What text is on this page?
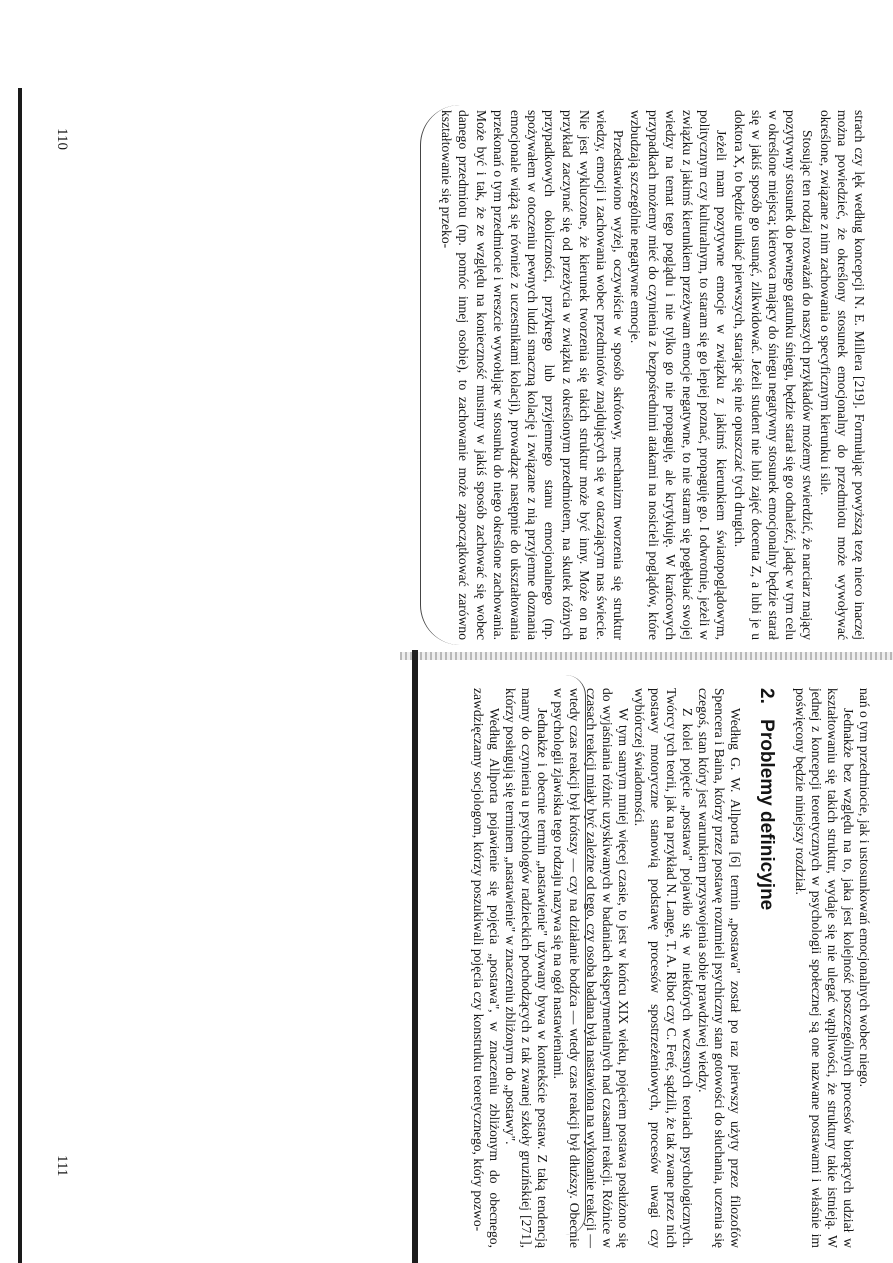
strach czy lęk według koncepcji N. E. Millera [219]. Formułując powyższą tezę nieco inaczej można powiedzieć, że określony stosunek emocjonalny do przedmiotu może wywoływać określone, związane z nim zachowania o specyficznym kierunku i sile.

Stosując ten rodzaj rozważań do naszych przykładów możemy stwierdzić, że narciarz mający pozytywny stosunek do pewnego gatunku śniegu, będzie starał się go odnaleźć, jadąc w tym celu w określone miejsca; kierowca mający do śniegu negatywny stosunek emocjonalny będzie starał się w jakiś sposób go usunąć, zlikwidować. Jeżeli student nie lubi zajęć docenta Z, a lubi je u doktora X, to będzie unikać pierwszych, starając się nie opuszczać tych drugich.

Jeżeli mam pozytywne emocje w związku z jakimś kierunkiem światopoglądowym, politycznym czy kulturalnym, to staram się go lepiej poznać, propaguję go. I odwrotnie, jeżeli w związku z jakimś kierunkiem przeżywam emocje negatywne, to nie staram się pogłębiać swojej wiedzy na temat tego poglądu i nie tylko go nie propaguję, ale krytykuję. W krańcowych przypadkach możemy mieć do czynienia z bezpośrednimi atakami na nosicieli poglądów, które wzbudzają szczególnie negatywne emocje.

Przedstawiono wyżej, oczywiście w sposób skrótowy, mechanizm tworzenia się struktur wiedzy, emocji i zachowania wobec przedmiotów znajdujących się w otaczającym nas świecie. Nie jest wykluczone, że kierunek tworzenia się takich struktur może być inny. Może on na przykład zaczynać się od przeżycia w związku z określonym przedmiotem, na skutek różnych przypadkowych okoliczności, przykrego lub przyjemnego stanu emocjonalnego (np. spożywałem w otoczeniu pewnych ludzi smaczną kolację i związane z nią przyjemne doznania emocjonale wiążą się również z uczestnikami kolacji), prowadząc następnie do ukształtowania przekonań o tym przedmiocie i wreszcie wywołując w stosunku do niego określone zachowania. Może być i tak, że ze względu na konieczność musimy w jakiś sposób zachować się wobec danego przedmiotu (np. pomóc innej osobie), to zachowanie może zapoczątkować zarówno kształtowanie się przeko-

nań o tym przedmiocie, jak i ustosunkowań emocjonalnych wobec niego.

Jednakże bez względu na to, jaka jest kolejność poszczególnych procesów biorących udział w kształtowaniu się takich struktur, wydaje się nie ulegać wątpliwości, że struktury takie istnieją. W jednej z koncepcji teoretycznych w psychologii społecznej są one nazwane postawami i właśnie im poświęcony będzie niniejszy rozdział.

2. Problemy definicyjne

Według G. W. Allporta [6] termin „postawa" został po raz pierwszy użyty przez filozofów Spencera i Baina, którzy przez postawę rozumieli psychiczny stan gotowości do słuchania, uczenia się czegoś, stan który jest warunkiem przyswojenia sobie prawdziwej wiedzy.

Z kolei pojęcie „postawa" pojawiło się w niektórych wczesnych teoriach psychologicznych. Twórcy tych teorii, jak na przykład N. Lange, T. A. Ribot czy C. Feré, sądzili, że tak zwane przez nich postawy motoryczne stanowią podstawę procesów spostrzeżeniowych, procesów uwagi czy wybiórczej świadomości.

W tym samym mniej więcej czasie, to jest w końcu XIX wieku, pojęciem postawa posłużono się do wyjaśniania różnic uzyskiwanych w badaniach eksperymentalnych nad czasami reakcji. Różnice w czasach reakcji miały być zależne od tego, czy osoba badana była nastawiona na wykonanie reakcji — wtedy czas reakcji był krótszy — czy na działanie bodźca — wtedy czas reakcji był dłuższy. Obecnie w psychologii zjawiska tego rodzaju nazywa się na ogół nastawieniami.

Jednakże i obecnie termin „nastawienie" używany bywa w kontekście postaw. Z taką tendencją mamy do czynienia u psychologów radzieckich pochodzących z tak zwanej szkoły gruzińskiej [271], którzy posługują się terminem „nastawienie" w znaczeniu zbliżonym do „postawy".

Według Allporta pojawienie się pojęcia „postawa", w znaczeniu zbliżonym do obecnego, zawdzięczamy socjologom, którzy poszukiwali pojęcia czy konstruktu teoretycznego, który pozwo-

110
111
